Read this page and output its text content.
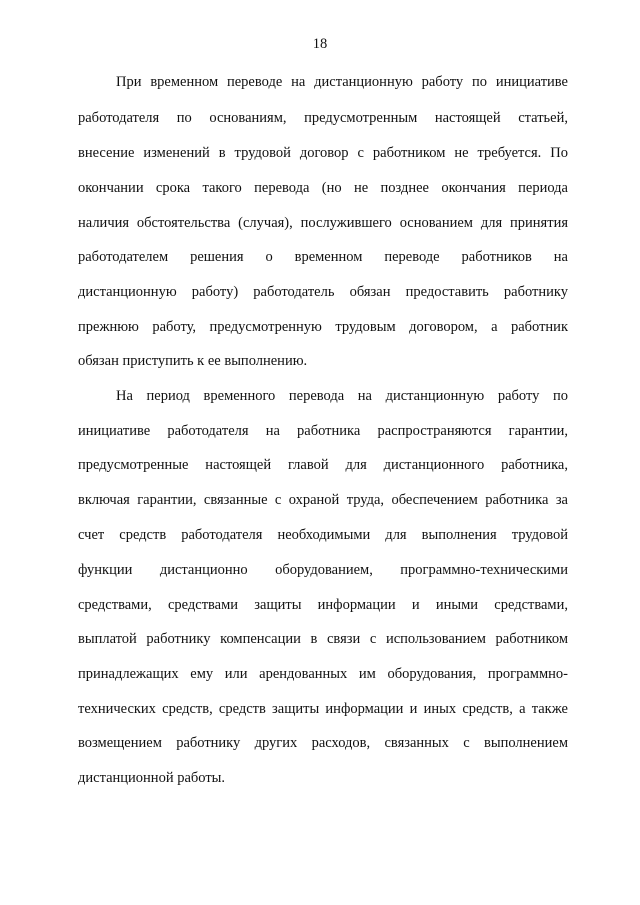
18
При временном переводе на дистанционную работу по инициативе
работодателя по основаниям, предусмотренным настоящей статьей,
внесение изменений в трудовой договор с работником не требуется. По
окончании срока такого перевода (но не позднее окончания периода
наличия обстоятельства (случая), послужившего основанием для принятия
работодателем решения о временном переводе работников на
дистанционную работу) работодатель обязан предоставить работнику
прежнюю работу, предусмотренную трудовым договором, а работник
обязан приступить к ее выполнению.
На период временного перевода на дистанционную работу по
инициативе работодателя на работника распространяются гарантии,
предусмотренные настоящей главой для дистанционного работника,
включая гарантии, связанные с охраной труда, обеспечением работника за
счет средств работодателя необходимыми для выполнения трудовой
функции дистанционно оборудованием, программно-техническими
средствами, средствами защиты информации и иными средствами,
выплатой работнику компенсации в связи с использованием работником
принадлежащих ему или арендованных им оборудования, программно-
технических средств, средств защиты информации и иных средств, а также
возмещением работнику других расходов, связанных с выполнением
дистанционной работы.
